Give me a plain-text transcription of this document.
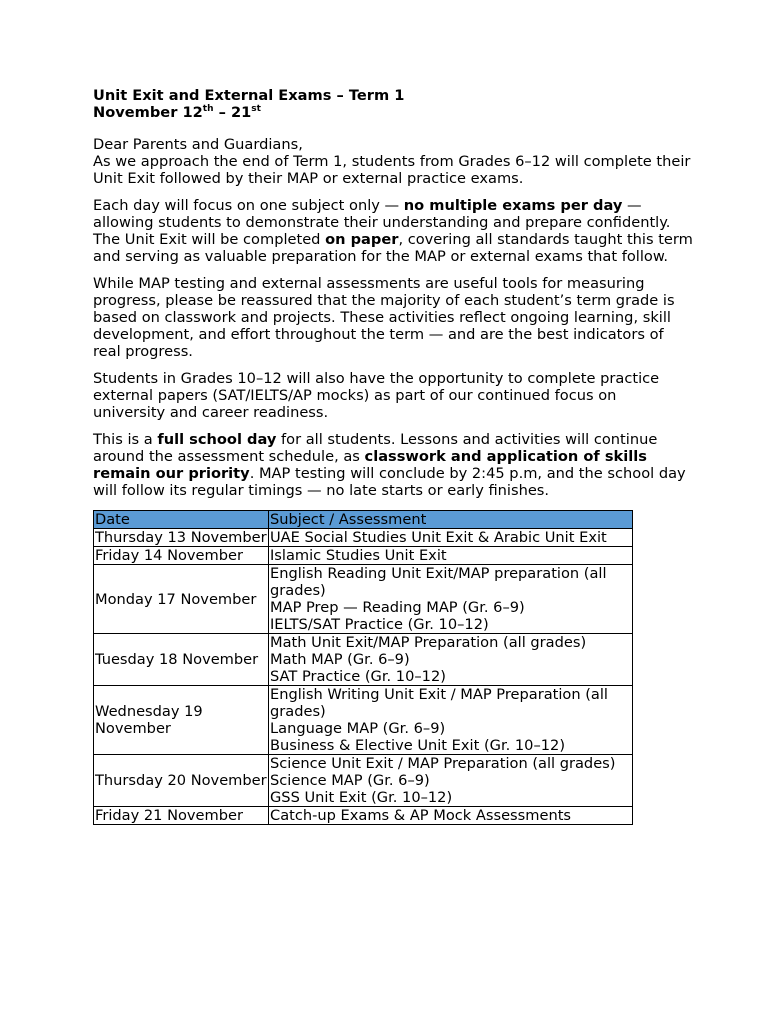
Unit Exit and External Exams – Term 1

November 12th – 21st

Dear Parents and Guardians,

As we approach the end of Term 1, students from Grades 6–12 will complete their Unit Exit followed by their MAP or external practice exams.

Each day will focus on one subject only — no multiple exams per day — allowing students to demonstrate their understanding and prepare confidently. The Unit Exit will be completed on paper, covering all standards taught this term and serving as valuable preparation for the MAP or external exams that follow.

While MAP testing and external assessments are useful tools for measuring progress, please be reassured that the majority of each student’s term grade is based on classwork and projects. These activities reflect ongoing learning, skill development, and effort throughout the term — and are the best indicators of real progress.

Students in Grades 10–12 will also have the opportunity to complete practice external papers (SAT/IELTS/AP mocks) as part of our continued focus on university and career readiness.

This is a full school day for all students. Lessons and activities will continue around the assessment schedule, as classwork and application of skills remain our priority. MAP testing will conclude by 2:45 p.m, and the school day will follow its regular timings — no late starts or early finishes.

Date	Subject / Assessment
Thursday 13 November	UAE Social Studies Unit Exit & Arabic Unit Exit

Friday 14 November	Islamic Studies Unit Exit

Monday 17 November	English Reading Unit Exit/MAP preparation (all grades)
MAP Prep — Reading MAP (Gr. 6–9)
IELTS/SAT Practice (Gr. 10–12)

Tuesday 18 November	Math Unit Exit/MAP Preparation (all grades)
Math MAP (Gr. 6–9)
SAT Practice (Gr. 10–12)

Wednesday 19 November	English Writing Unit Exit / MAP Preparation (all grades)
Language MAP (Gr. 6–9)
Business & Elective Unit Exit (Gr. 10–12)

Thursday 20 November	Science Unit Exit / MAP Preparation (all grades)
Science MAP (Gr. 6–9)
GSS Unit Exit (Gr. 10–12)

Friday 21 November	Catch-up Exams & AP Mock Assessments
